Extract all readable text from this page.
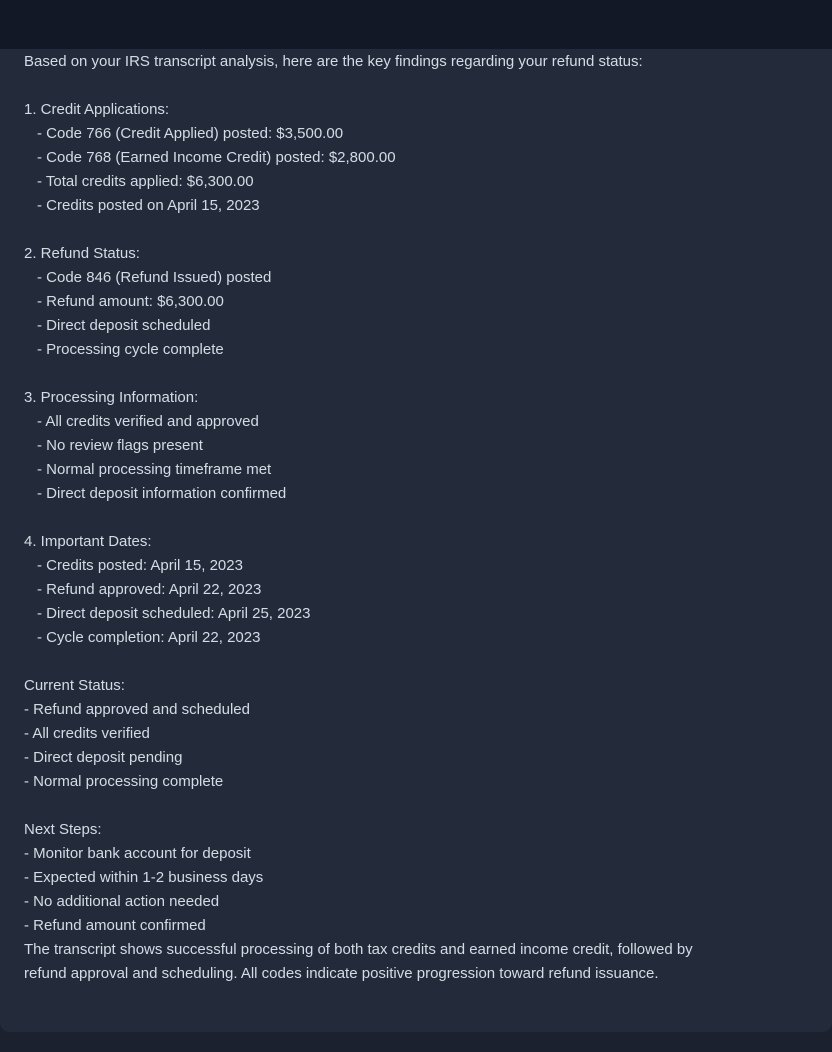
Based on your IRS transcript analysis, here are the key findings regarding your refund status:
1. Credit Applications:
- Code 766 (Credit Applied) posted: $3,500.00
- Code 768 (Earned Income Credit) posted: $2,800.00
- Total credits applied: $6,300.00
- Credits posted on April 15, 2023
2. Refund Status:
- Code 846 (Refund Issued) posted
- Refund amount: $6,300.00
- Direct deposit scheduled
- Processing cycle complete
3. Processing Information:
- All credits verified and approved
- No review flags present
- Normal processing timeframe met
- Direct deposit information confirmed
4. Important Dates:
- Credits posted: April 15, 2023
- Refund approved: April 22, 2023
- Direct deposit scheduled: April 25, 2023
- Cycle completion: April 22, 2023
Current Status:
- Refund approved and scheduled
- All credits verified
- Direct deposit pending
- Normal processing complete
Next Steps:
- Monitor bank account for deposit
- Expected within 1-2 business days
- No additional action needed
- Refund amount confirmed
The transcript shows successful processing of both tax credits and earned income credit, followed by
refund approval and scheduling. All codes indicate positive progression toward refund issuance.
